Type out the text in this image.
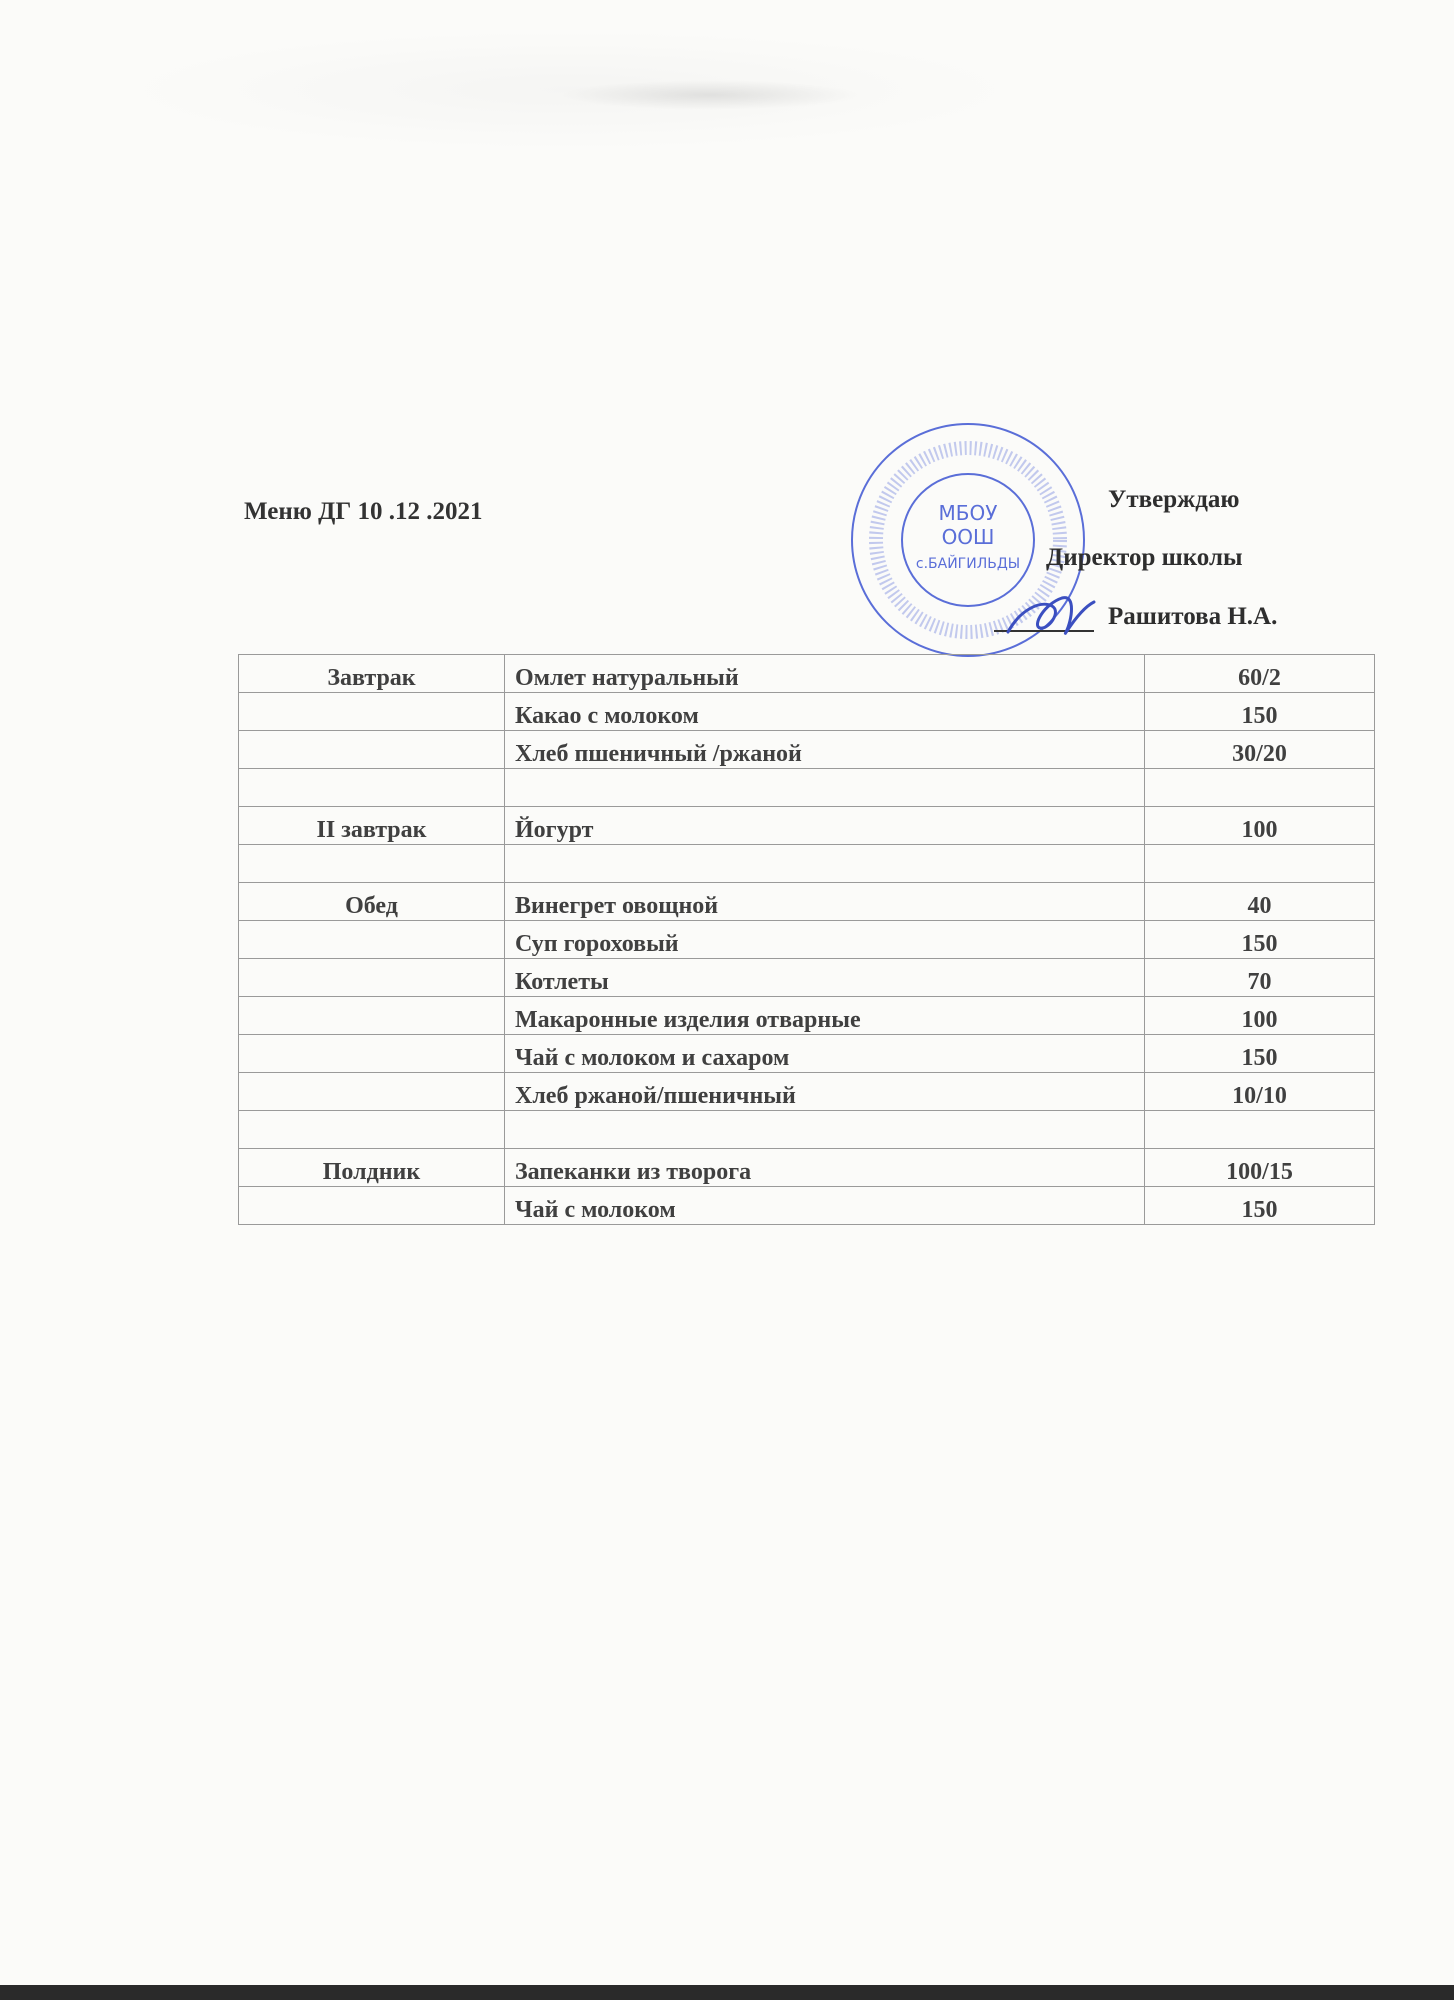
Меню ДГ 10 .12 .2021	МБОУ
ООШ
с.БАЙГИЛЬДЫ
Утверждаю
Директор школы
Рашитова Н.А.
Завтрак	Омлет натуральный	60/2
	Какао с молоком	150
	Хлеб пшеничный /ржаной	30/20

II завтрак	Йогурт	100

Обед	Винегрет овощной	40
	Суп гороховый	150
	Котлеты	70
	Макаронные изделия отварные	100
	Чай с молоком и сахаром	150
	Хлеб ржаной/пшеничный	10/10

Полдник	Запеканки из творога	100/15
	Чай с молоком	150
